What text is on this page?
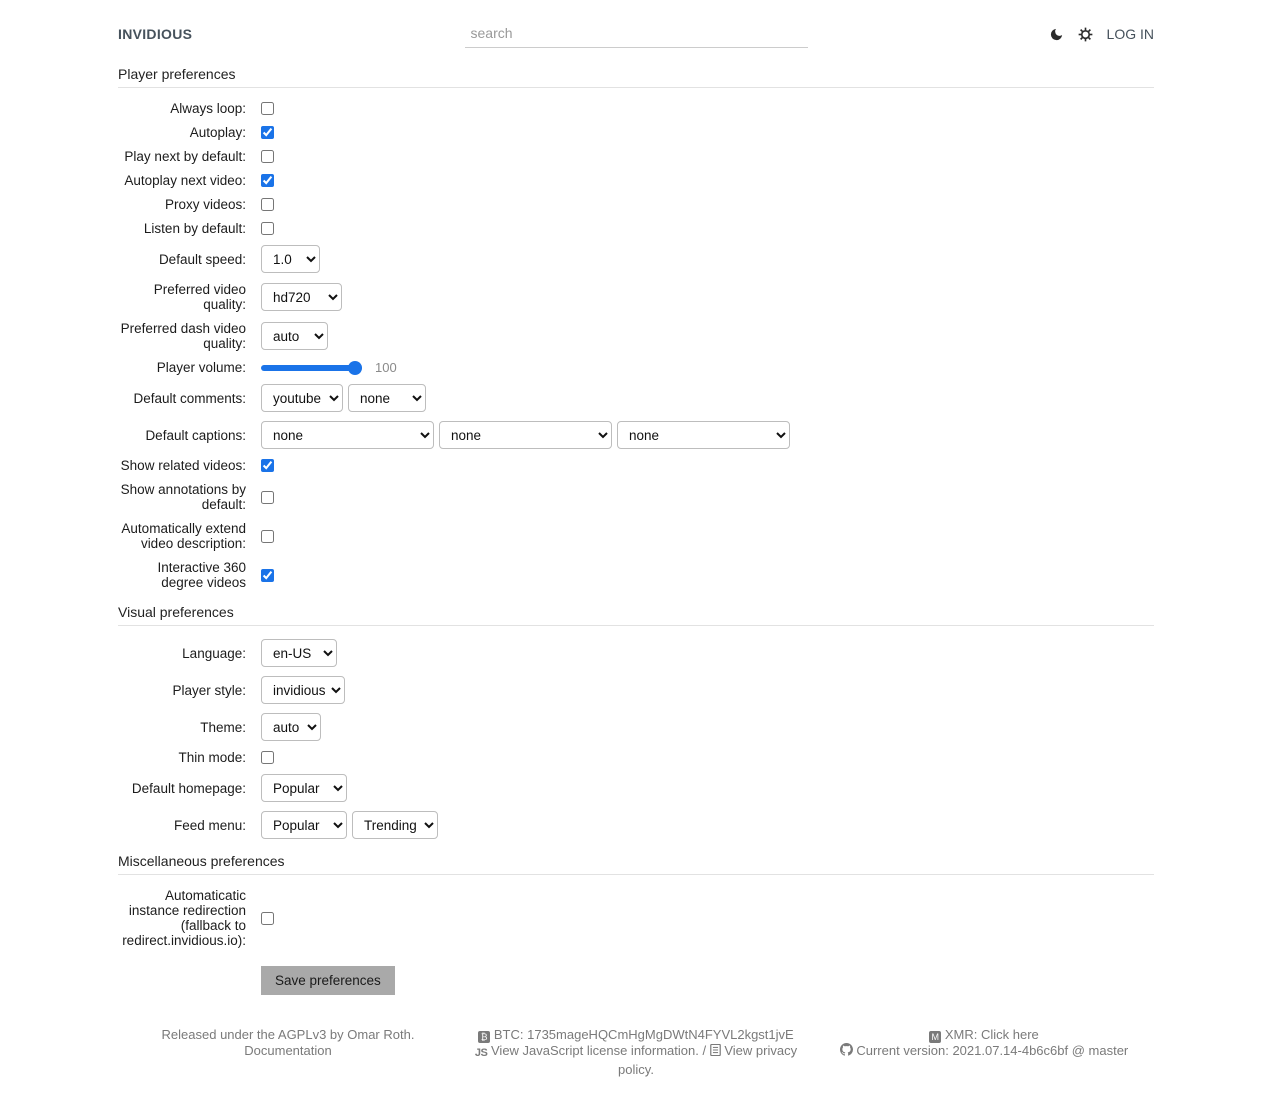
INVIDIOUS
search	LOG IN
Player preferences
Always loop:
Autoplay:
Play next by default:
Autoplay next video:
Proxy videos:
Listen by default:
Default speed:
1.0
Preferred video quality:
hd720
Preferred dash video quality:
auto
Player volume:	100
Default comments:
youtube
none
Default captions:
none
none
none
Show related videos:
Show annotations by default:
Automatically extend video description:
Interactive 360 degree videos
Visual preferences
Language:
en-US
Player style:
invidious
Theme:
auto
Thin mode:
Default homepage:
Popular
Feed menu:
Popular
Trending
Miscellaneous preferences
Automaticatic instance redirection (fallback to redirect.invidious.io):
Save preferences
Released under the AGPLv3 by Omar Roth.
Documentation
₿ BTC: 1735mageHQCmHgMgDWtN4FYVL2kgst1jvE
JS View JavaScript license information. / View privacy policy.
M XMR: Click here
Current version: 2021.07.14-4b6c6bf @ master
